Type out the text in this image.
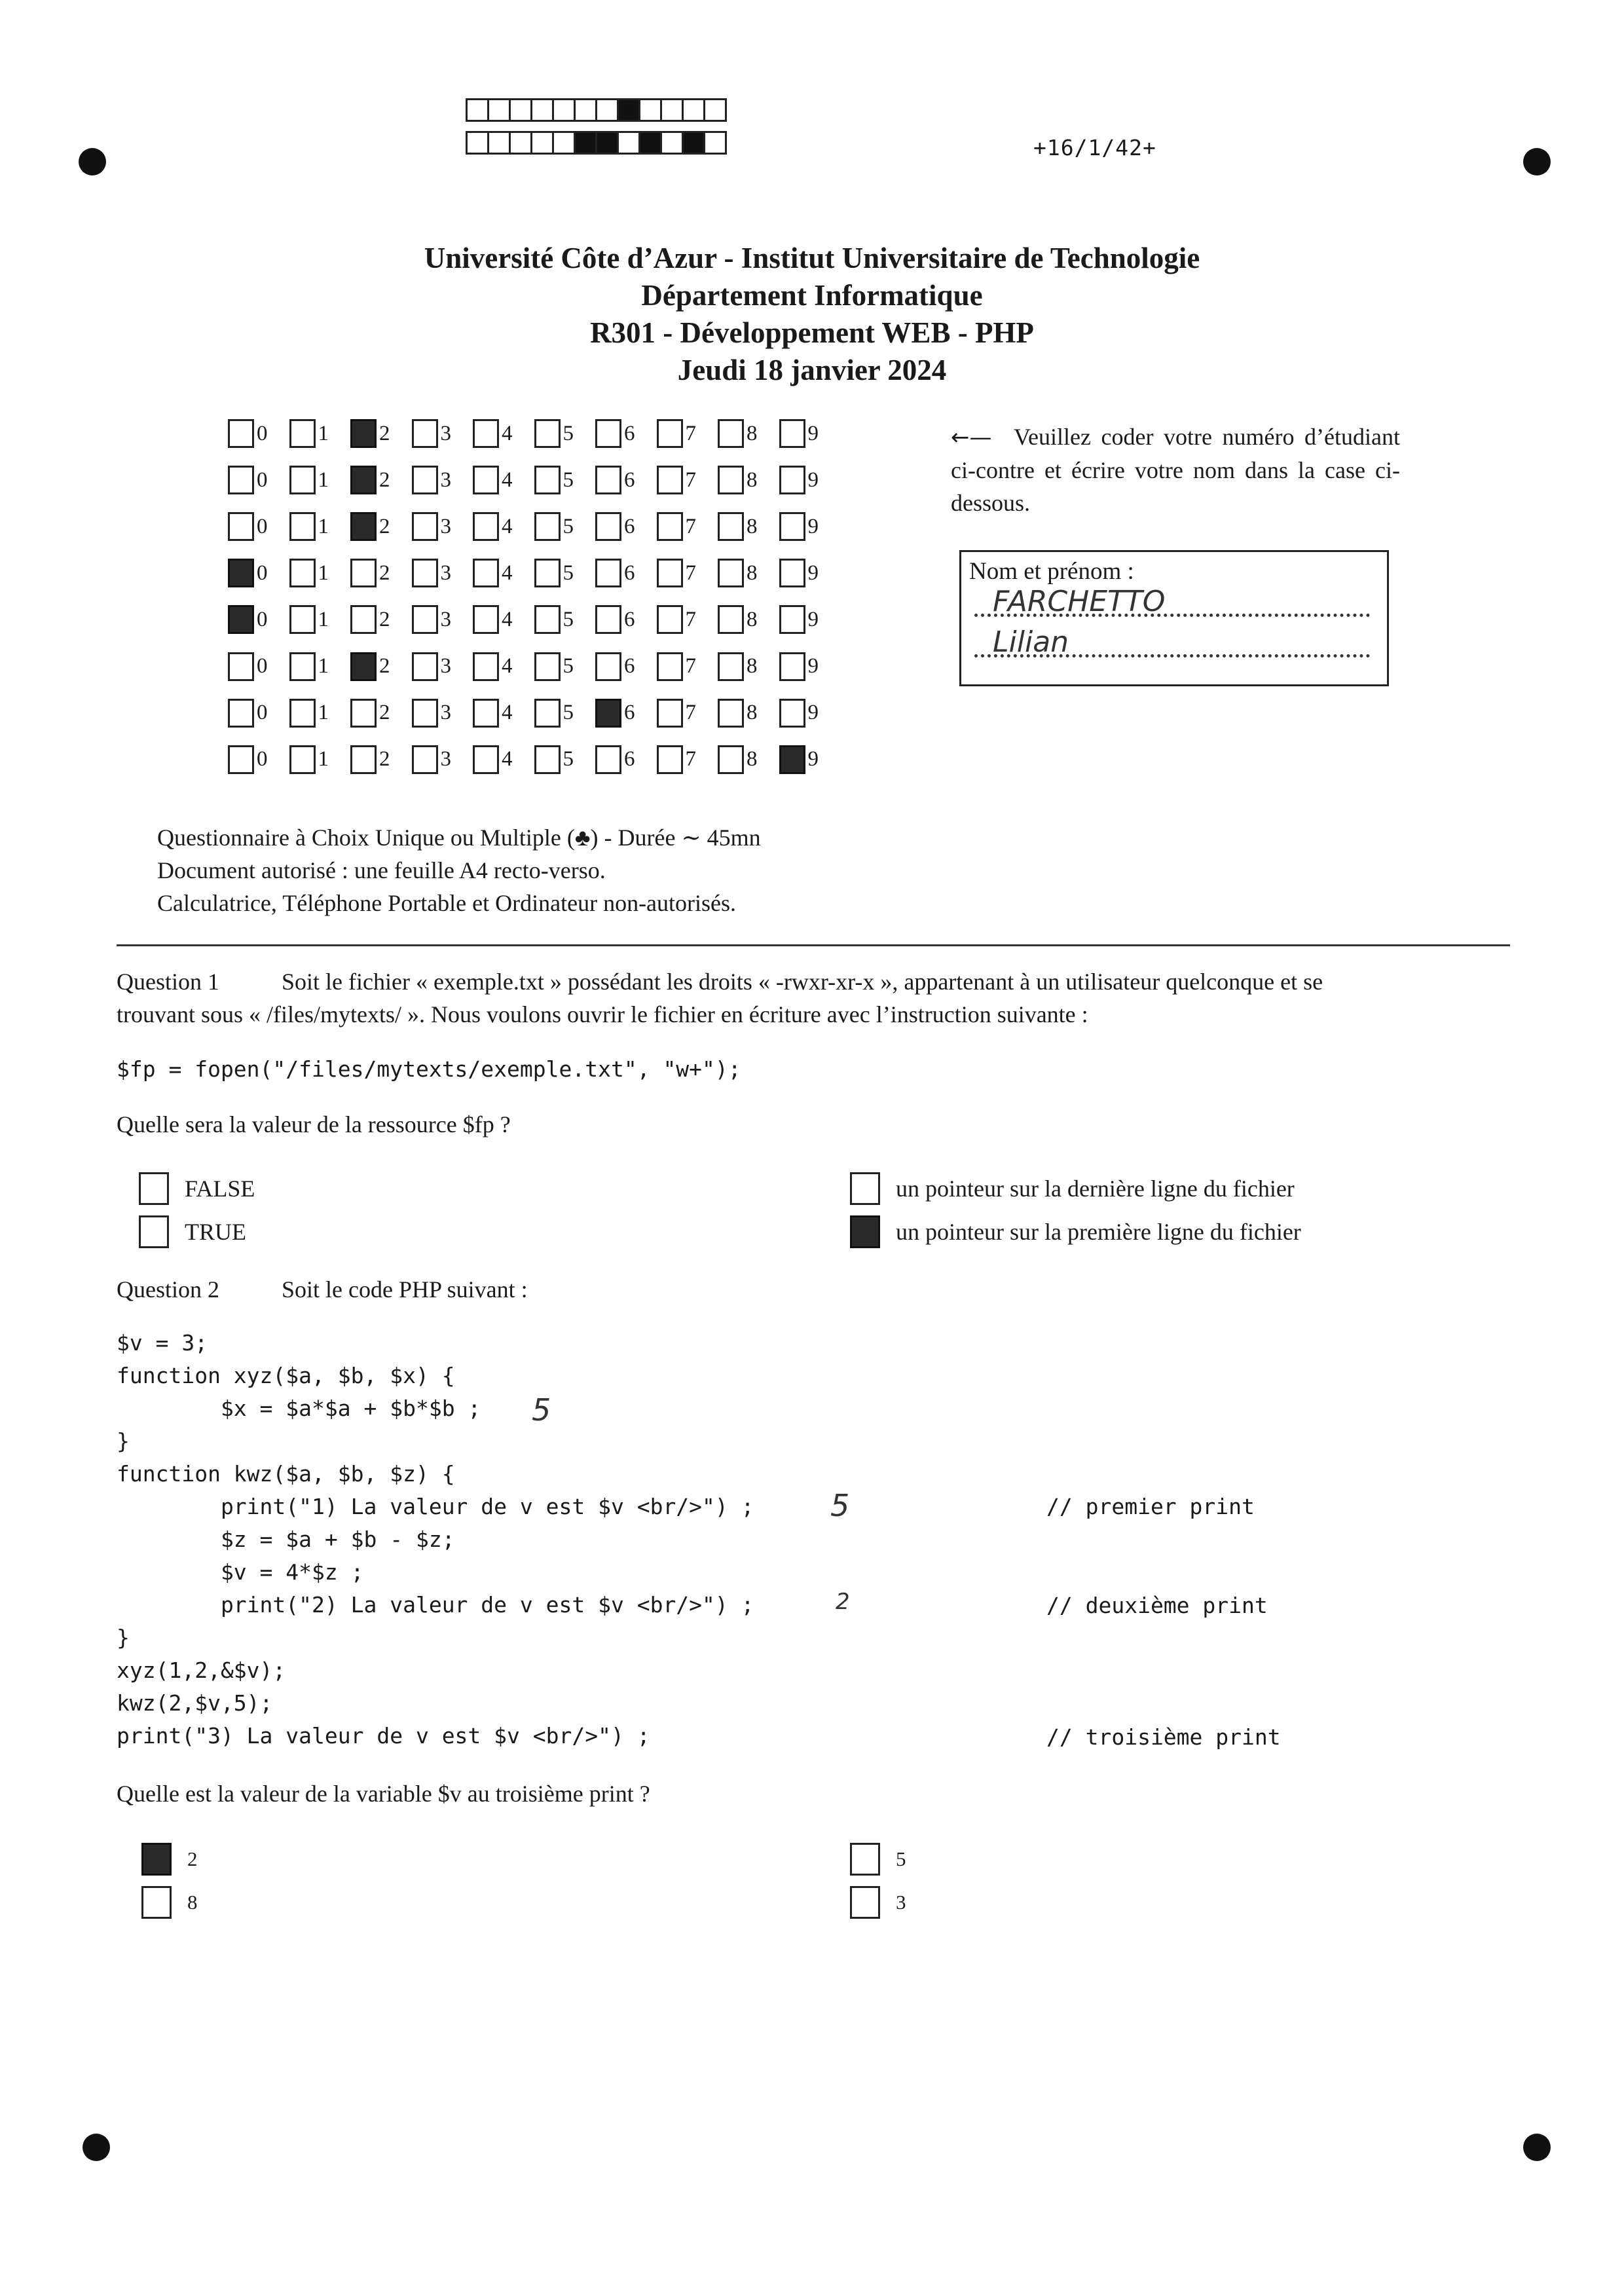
+16/1/42+
Université Côte d’Azur - Institut Universitaire de Technologie
Département Informatique
R301 - Développement WEB - PHP
Jeudi 18 janvier 2024
0 1 2 3 4 5 6 7 8 9
0 1 2 3 4 5 6 7 8 9
0 1 2 3 4 5 6 7 8 9
0 1 2 3 4 5 6 7 8 9
0 1 2 3 4 5 6 7 8 9
0 1 2 3 4 5 6 7 8 9
0 1 2 3 4 5 6 7 8 9
0 1 2 3 4 5 6 7 8 9
←— Veuillez coder votre numéro d’étudiant ci-contre et écrire votre nom dans la case ci-dessous.
Nom et prénom :
FARCHETTO
Lilian
Questionnaire à Choix Unique ou Multiple (♣) - Durée ∼ 45mn
Document autorisé : une feuille A4 recto-verso.
Calculatrice, Téléphone Portable et Ordinateur non-autorisés.
Question 1	Soit le fichier « exemple.txt » possédant les droits « -rwxr-xr-x », appartenant à un utilisateur quelconque et se
trouvant sous « /files/mytexts/ ». Nous voulons ouvrir le fichier en écriture avec l’instruction suivante :
$fp = fopen("/files/mytexts/exemple.txt", "w+");
Quelle sera la valeur de la ressource $fp ?
FALSE
TRUE
un pointeur sur la dernière ligne du fichier
un pointeur sur la première ligne du fichier
Question 2	Soit le code PHP suivant :
$v = 3;
function xyz($a, $b, $x) {
$x = $a*$a + $b*$b ;
}
function kwz($a, $b, $z) {
print("1) La valeur de v est $v <br/>") ;
$z = $a + $b - $z;
$v = 4*$z ;
print("2) La valeur de v est $v <br/>") ;
}
xyz(1,2,&$v);
kwz(2,$v,5);
print("3) La valeur de v est $v <br/>") ;
// premier print
// deuxième print
// troisième print
5
5
2
Quelle est la valeur de la variable $v au troisième print ?
2
8
5
3
